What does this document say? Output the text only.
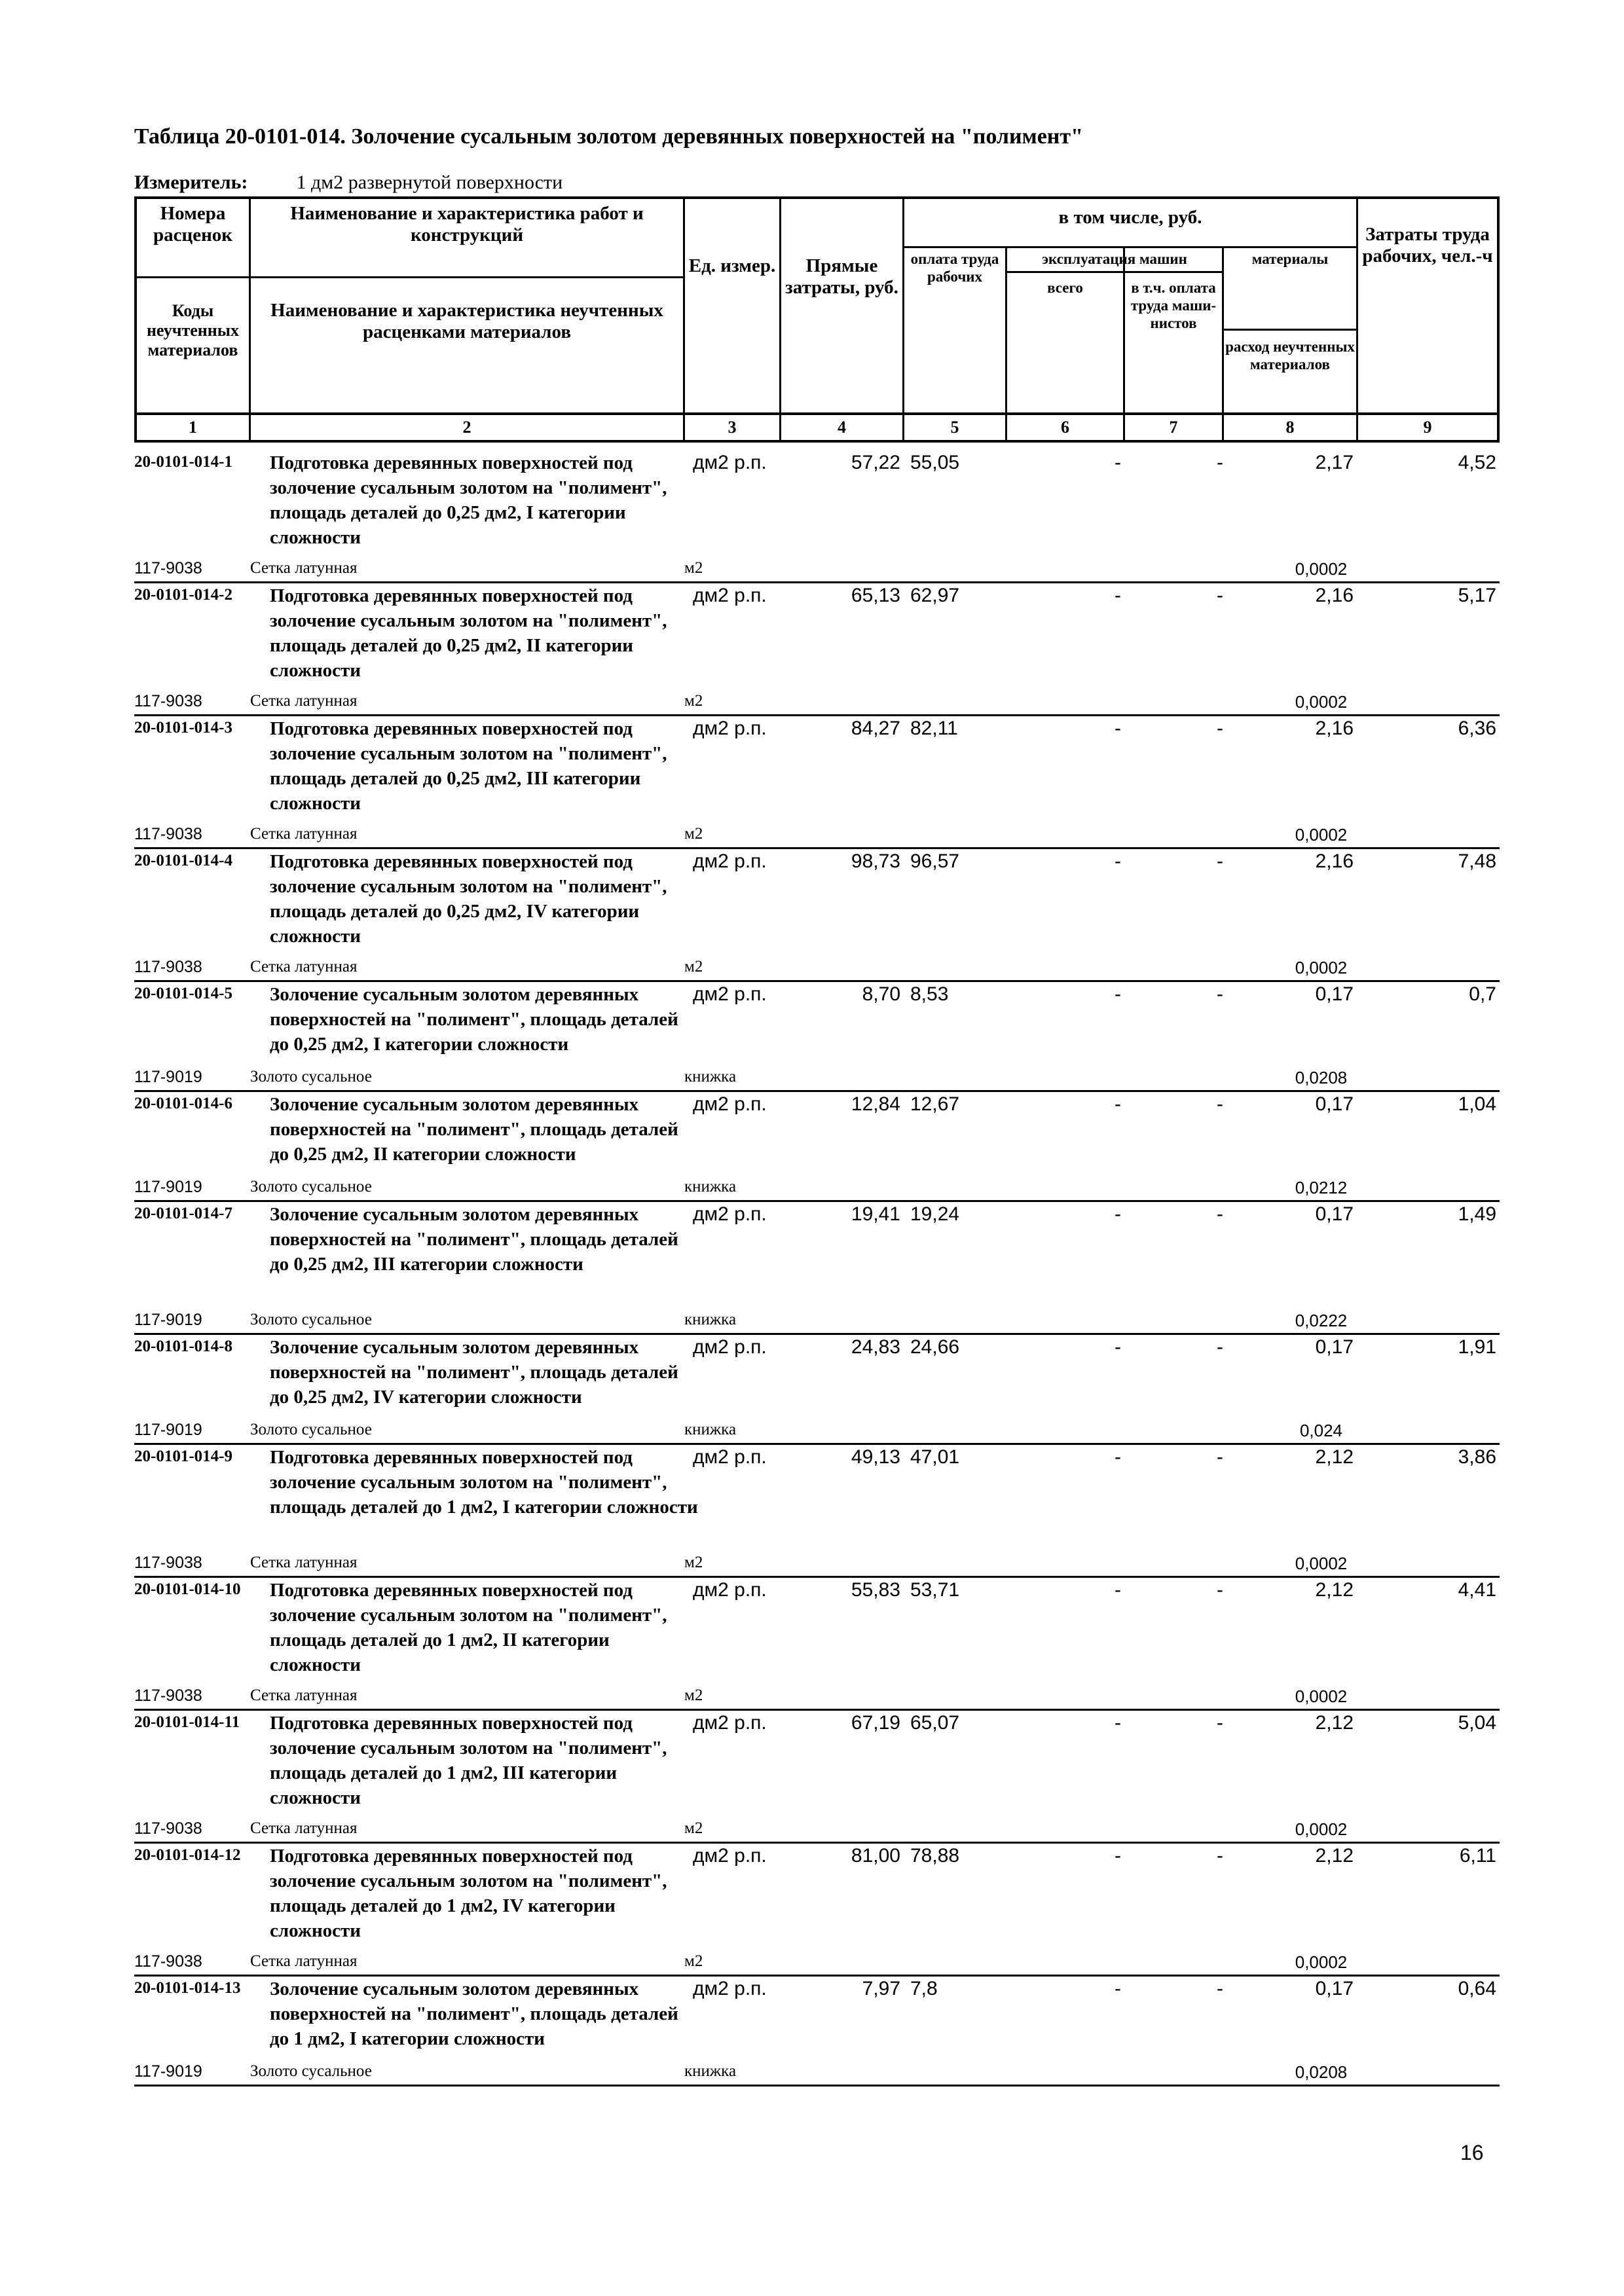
Таблица 20-0101-014. Золочение сусальным золотом деревянных поверхностей на "полимент"
Измеритель: 1 дм2 развернутой поверхности
Номера расценок
Коды неучтенных материалов
Наименование и характеристика работ и конструкций
Наименование и характеристика неучтенных расценками материалов
Ед. измер.	Прямые затраты, руб.
в том числе, руб.
оплата труда рабочих
эксплуатация машин
всего	в т.ч. оплата труда маши-нистов
материалы
расход неучтенных материалов
Затраты труда рабочих, чел.-ч
1	2	3	4	5	6	7	8	9
20-0101-014-1 Подготовка деревянных поверхностей под золочение сусальным золотом на "полимент", площадь деталей до 0,25 дм2, I категории сложности
дм2 р.п.	57,22 55,05	-	-	2,17	4,52
117-9038	Сетка латунная	м2	0,0002
20-0101-014-2 Подготовка деревянных поверхностей под золочение сусальным золотом на "полимент", площадь деталей до 0,25 дм2, II категории сложности
дм2 р.п.	65,13 62,97	-	-	2,16	5,17
117-9038	Сетка латунная	м2	0,0002
20-0101-014-3 Подготовка деревянных поверхностей под золочение сусальным золотом на "полимент", площадь деталей до 0,25 дм2, III категории сложности
дм2 р.п.	84,27 82,11	-	-	2,16	6,36
117-9038	Сетка латунная	м2	0,0002
20-0101-014-4 Подготовка деревянных поверхностей под золочение сусальным золотом на "полимент", площадь деталей до 0,25 дм2, IV категории сложности
дм2 р.п.	98,73 96,57	-	-	2,16	7,48
117-9038	Сетка латунная	м2	0,0002
20-0101-014-5 Золочение сусальным золотом деревянных поверхностей на "полимент", площадь деталей до 0,25 дм2, I категории сложности
дм2 р.п.	8,70 8,53	-	-	0,17	0,7
117-9019	Золото сусальное	книжка	0,0208
20-0101-014-6 Золочение сусальным золотом деревянных поверхностей на "полимент", площадь деталей до 0,25 дм2, II категории сложности
дм2 р.п.	12,84 12,67	-	-	0,17	1,04
117-9019	Золото сусальное	книжка	0,0212
20-0101-014-7 Золочение сусальным золотом деревянных поверхностей на "полимент", площадь деталей до 0,25 дм2, III категории сложности
дм2 р.п.	19,41 19,24	-	-	0,17	1,49
117-9019	Золото сусальное	книжка	0,0222
20-0101-014-8 Золочение сусальным золотом деревянных поверхностей на "полимент", площадь деталей до 0,25 дм2, IV категории сложности
дм2 р.п.	24,83 24,66	-	-	0,17	1,91
117-9019	Золото сусальное	книжка	0,024
20-0101-014-9 Подготовка деревянных поверхностей под золочение сусальным золотом на "полимент", площадь деталей до 1 дм2, I категории сложности
дм2 р.п.	49,13 47,01	-	-	2,12	3,86
117-9038	Сетка латунная	м2	0,0002
20-0101-014-10 Подготовка деревянных поверхностей под золочение сусальным золотом на "полимент", площадь деталей до 1 дм2, II категории сложности
дм2 р.п.	55,83 53,71	-	-	2,12	4,41
117-9038	Сетка латунная	м2	0,0002
20-0101-014-11 Подготовка деревянных поверхностей под золочение сусальным золотом на "полимент", площадь деталей до 1 дм2, III категории сложности
дм2 р.п.	67,19 65,07	-	-	2,12	5,04
117-9038	Сетка латунная	м2	0,0002
20-0101-014-12 Подготовка деревянных поверхностей под золочение сусальным золотом на "полимент", площадь деталей до 1 дм2, IV категории сложности
дм2 р.п.	81,00 78,88	-	-	2,12	6,11
117-9038	Сетка латунная	м2	0,0002
20-0101-014-13 Золочение сусальным золотом деревянных поверхностей на "полимент", площадь деталей до 1 дм2, I категории сложности
дм2 р.п.	7,97 7,8	-	-	0,17	0,64
117-9019	Золото сусальное	книжка	0,0208
16
